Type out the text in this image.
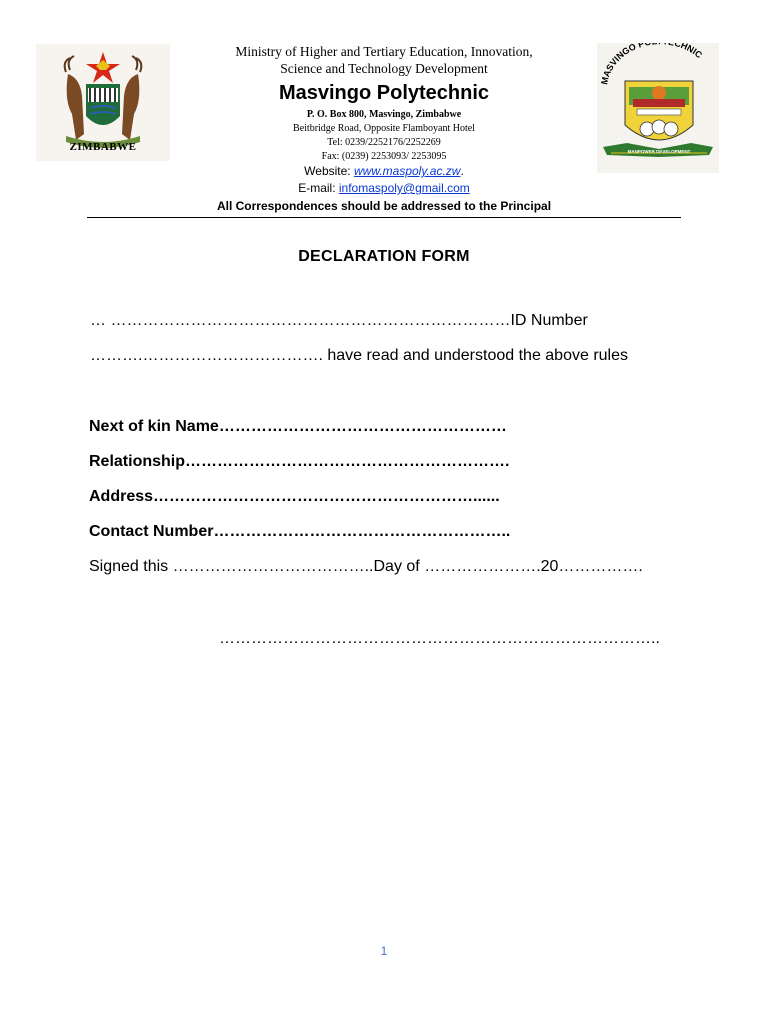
ZIMBABWE
MASVINGO P CHNIC
MANPOWER DEVELOPMENT
Ministry of Higher and Tertiary Education, Innovation,
Science and Technology Development
Masvingo Polytechnic
P. O. Box 800, Masvingo, Zimbabwe
Beitbridge Road, Opposite Flamboyant Hotel
Tel: 0239/2252176/2252269
Fax: (0239) 2253093/ 2253095
Website: www.maspoly.ac.zw.
E-mail: infomaspoly@gmail.com
All Correspondences should be addressed to the Principal
DECLARATION FORM
… …………………………………………………………………ID Number
……….……………………………. have read and understood the above rules
Next of kin Name………………………………………………
Relationship…………………………………………………….
Address……………………………………………………......
Contact Number………………………………………………..
Signed this ………………………………..Day of ………………….20…………….
………………………………………………………………………..
1
